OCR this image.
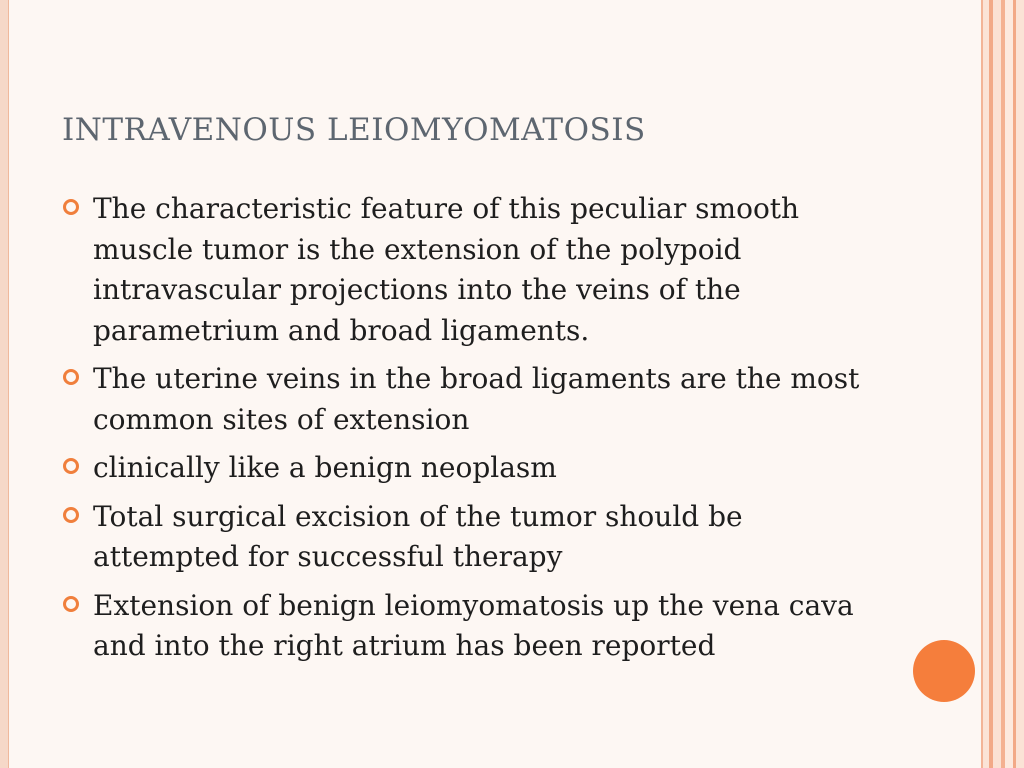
INTRAVENOUS LEIOMYOMATOSIS
The characteristic feature of this peculiar smooth muscle tumor is the extension of the polypoid intravascular projections into the veins of the parametrium and broad ligaments.
The uterine veins in the broad ligaments are the most common sites of extension
clinically like a benign neoplasm
Total surgical excision of the tumor should be attempted for successful therapy
Extension of benign leiomyomatosis up the vena cava and into the right atrium has been reported
